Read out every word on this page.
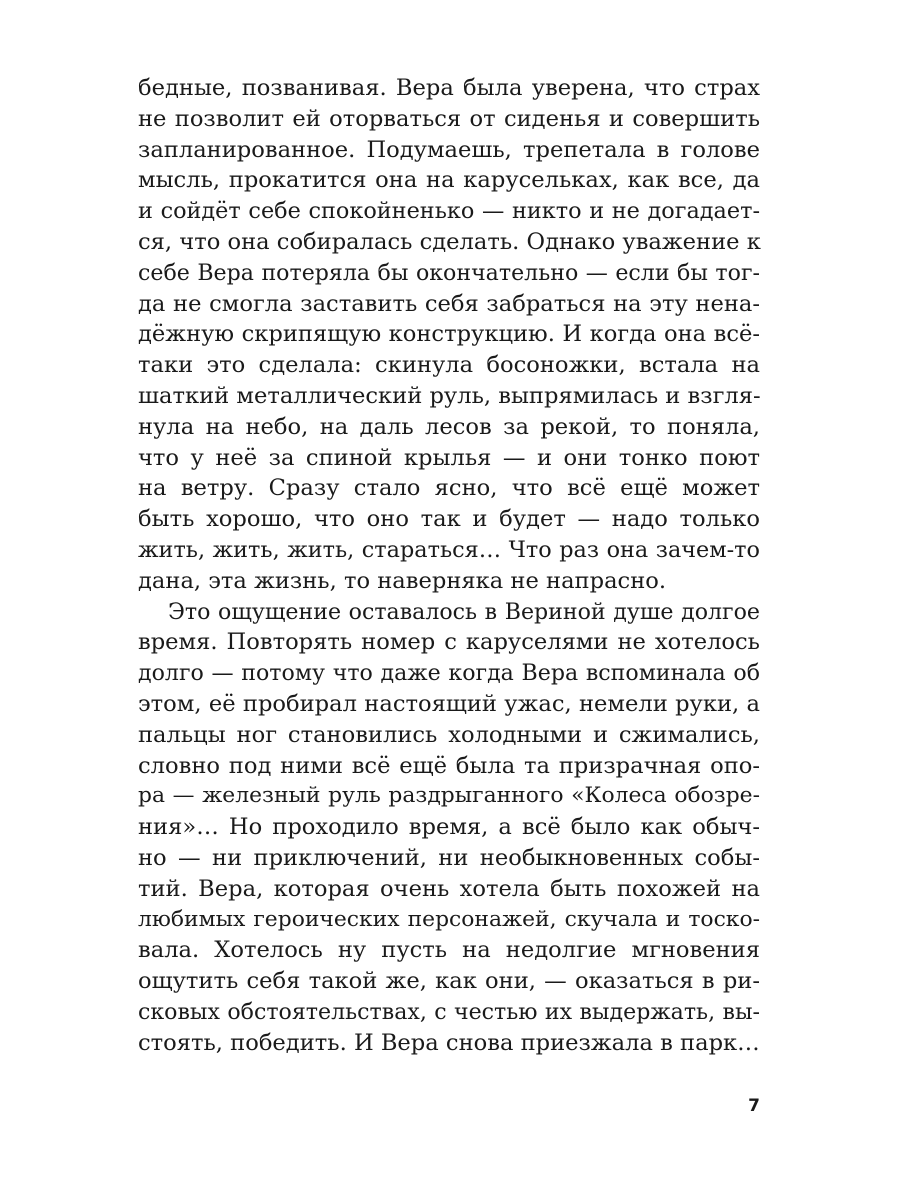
бедные, позванивая. Вера была уверена, что страх
не позволит ей оторваться от сиденья и совершить
запланированное. Подумаешь, трепетала в голове
мысль, прокатится она на карусельках, как все, да
и сойдёт себе спокойненько — никто и не догадает-
ся, что она собиралась сделать. Однако уважение к
себе Вера потеряла бы окончательно — если бы тог-
да не смогла заставить себя забраться на эту нена-
дёжную скрипящую конструкцию. И когда она всё-
таки это сделала: скинула босоножки, встала на
шаткий металлический руль, выпрямилась и взгля-
нула на небо, на даль лесов за рекой, то поняла,
что у неё за спиной крылья — и они тонко поют
на ветру. Сразу стало ясно, что всё ещё может
быть хорошо, что оно так и будет — надо только
жить, жить, жить, стараться… Что раз она зачем-то
дана, эта жизнь, то наверняка не напрасно.
Это ощущение оставалось в Вериной душе долгое
время. Повторять номер с каруселями не хотелось
долго — потому что даже когда Вера вспоминала об
этом, её пробирал настоящий ужас, немели руки, а
пальцы ног становились холодными и сжимались,
словно под ними всё ещё была та призрачная опо-
ра — железный руль раздрыганного «Колеса обозре-
ния»… Но проходило время, а всё было как обыч-
но — ни приключений, ни необыкновенных собы-
тий. Вера, которая очень хотела быть похожей на
любимых героических персонажей, скучала и тоско-
вала. Хотелось ну пусть на недолгие мгновения
ощутить себя такой же, как они, — оказаться в ри-
сковых обстоятельствах, с честью их выдержать, вы-
стоять, победить. И Вера снова приезжала в парк…
7
